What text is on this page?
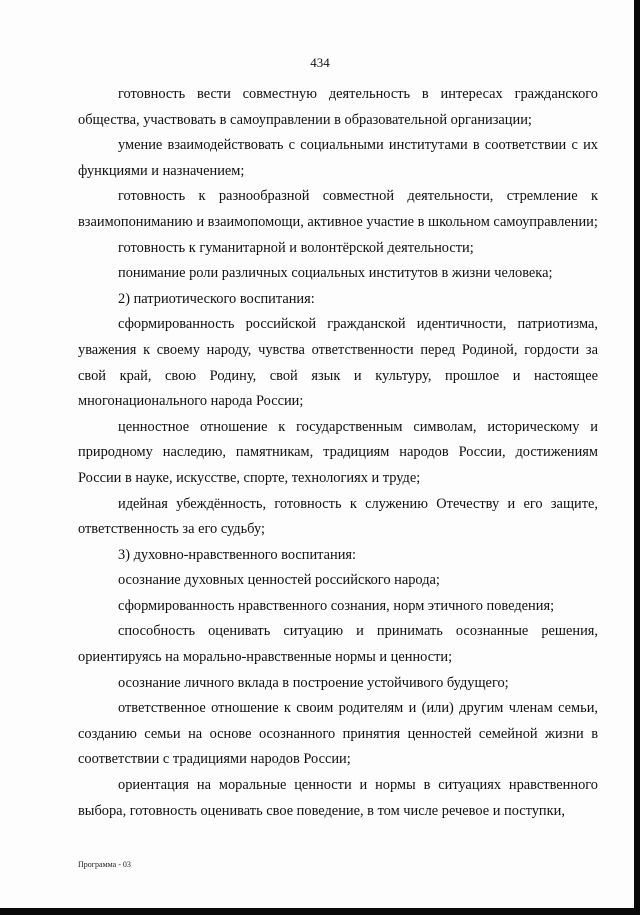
434

готовность вести совместную деятельность в интересах гражданского общества, участвовать в самоуправлении в образовательной организации;

умение взаимодействовать с социальными институтами в соответствии с их функциями и назначением;

готовность к разнообразной совместной деятельности, стремление к взаимопониманию и взаимопомощи, активное участие в школьном самоуправлении;

готовность к гуманитарной и волонтёрской деятельности;

понимание роли различных социальных институтов в жизни человека;

2) патриотического воспитания:

сформированность российской гражданской идентичности, патриотизма, уважения к своему народу, чувства ответственности перед Родиной, гордости за свой край, свою Родину, свой язык и культуру, прошлое и настоящее многонационального народа России;

ценностное отношение к государственным символам, историческому и природному наследию, памятникам, традициям народов России, достижениям России в науке, искусстве, спорте, технологиях и труде;

идейная убеждённость, готовность к служению Отечеству и его защите, ответственность за его судьбу;

3) духовно-нравственного воспитания:

осознание духовных ценностей российского народа;

сформированность нравственного сознания, норм этичного поведения;

способность оценивать ситуацию и принимать осознанные решения, ориентируясь на морально-нравственные нормы и ценности;

осознание личного вклада в построение устойчивого будущего;

ответственное отношение к своим родителям и (или) другим членам семьи, созданию семьи на основе осознанного принятия ценностей семейной жизни в соответствии с традициями народов России;

ориентация на моральные ценности и нормы в ситуациях нравственного выбора, готовность оценивать свое поведение, в том числе речевое и поступки,

Программа - 03
